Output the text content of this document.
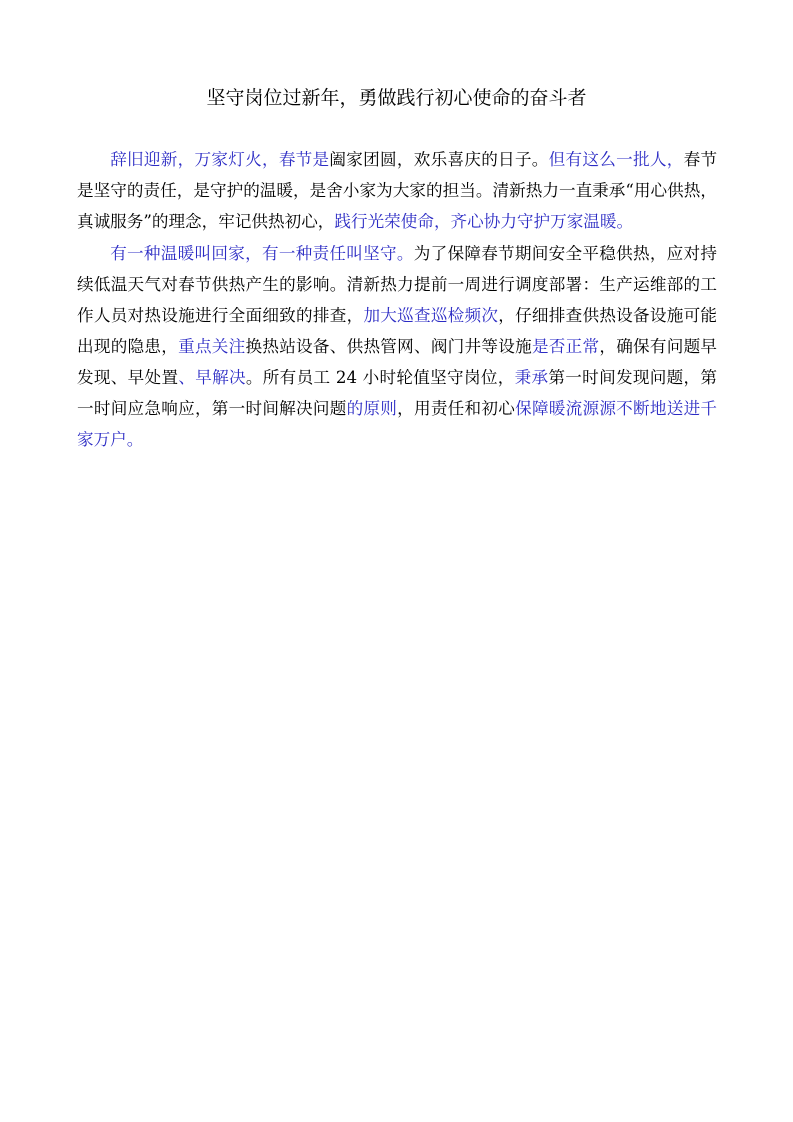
坚守岗位过新年，勇做践行初心使命的奋斗者

辞旧迎新，万家灯火，春节是阖家团圆，欢乐喜庆的日子。但有这么一批人，春节是坚守的责任，是守护的温暖，是舍小家为大家的担当。清新热力一直秉承“用心供热，真诚服务”的理念，牢记供热初心，践行光荣使命，齐心协力守护万家温暖。

有一种温暖叫回家，有一种责任叫坚守。为了保障春节期间安全平稳供热，应对持续低温天气对春节供热产生的影响。清新热力提前一周进行调度部署：生产运维部的工作人员对热设施进行全面细致的排查，加大巡查巡检频次，仔细排查供热设备设施可能出现的隐患，重点关注换热站设备、供热管网、阀门井等设施是否正常，确保有问题早发现、早处置、早解决。所有员工 24 小时轮值坚守岗位，秉承第一时间发现问题，第一时间应急响应，第一时间解决问题的原则，用责任和初心保障暖流源源不断地送进千家万户。
